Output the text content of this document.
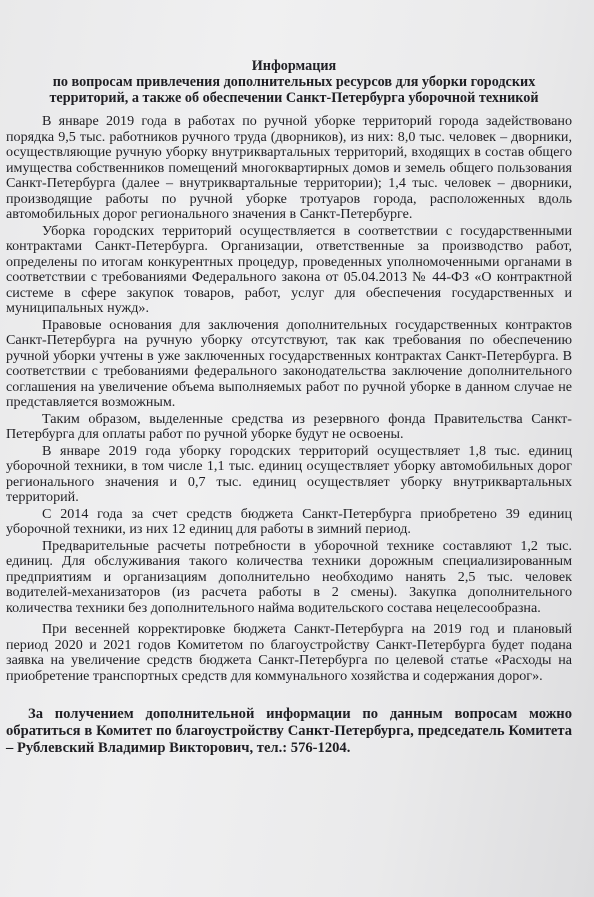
Информация
по вопросам привлечения дополнительных ресурсов для уборки городских
территорий, а также об обеспечении Санкт-Петербурга уборочной техникой

В январе 2019 года в работах по ручной уборке территорий города задействовано порядка 9,5 тыс. работников ручного труда (дворников), из них: 8,0 тыс. человек – дворники, осуществляющие ручную уборку внутриквартальных территорий, входящих в состав общего имущества собственников помещений многоквартирных домов и земель общего пользования Санкт-Петербурга (далее – внутриквартальные территории); 1,4 тыс. человек – дворники, производящие работы по ручной уборке тротуаров города, расположенных вдоль автомобильных дорог регионального значения в Санкт-Петербурге.

Уборка городских территорий осуществляется в соответствии с государственными контрактами Санкт-Петербурга. Организации, ответственные за производство работ, определены по итогам конкурентных процедур, проведенных уполномоченными органами в соответствии с требованиями Федерального закона от 05.04.2013 № 44-ФЗ «О контрактной системе в сфере закупок товаров, работ, услуг для обеспечения государственных и муниципальных нужд».

Правовые основания для заключения дополнительных государственных контрактов Санкт-Петербурга на ручную уборку отсутствуют, так как требования по обеспечению ручной уборки учтены в уже заключенных государственных контрактах Санкт-Петербурга. В соответствии с требованиями федерального законодательства заключение дополнительного соглашения на увеличение объема выполняемых работ по ручной уборке в данном случае не представляется возможным.

Таким образом, выделенные средства из резервного фонда Правительства Санкт-Петербурга для оплаты работ по ручной уборке будут не освоены.

В январе 2019 года уборку городских территорий осуществляет 1,8 тыс. единиц уборочной техники, в том числе 1,1 тыс. единиц осуществляет уборку автомобильных дорог регионального значения и 0,7 тыс. единиц осуществляет уборку внутриквартальных территорий.

С 2014 года за счет средств бюджета Санкт-Петербурга приобретено 39 единиц уборочной техники, из них 12 единиц для работы в зимний период.

Предварительные расчеты потребности в уборочной технике составляют 1,2 тыс. единиц. Для обслуживания такого количества техники дорожным специализированным предприятиям и организациям дополнительно необходимо нанять 2,5 тыс. человек водителей-механизаторов (из расчета работы в 2 смены). Закупка дополнительного количества техники без дополнительного найма водительского состава нецелесообразна.

При весенней корректировке бюджета Санкт-Петербурга на 2019 год и плановый период 2020 и 2021 годов Комитетом по благоустройству Санкт-Петербурга будет подана заявка на увеличение средств бюджета Санкт-Петербурга по целевой статье «Расходы на приобретение транспортных средств для коммунального хозяйства и содержания дорог».

За получением дополнительной информации по данным вопросам можно обратиться в Комитет по благоустройству Санкт-Петербурга, председатель Комитета – Рублевский Владимир Викторович, тел.: 576-1204.
